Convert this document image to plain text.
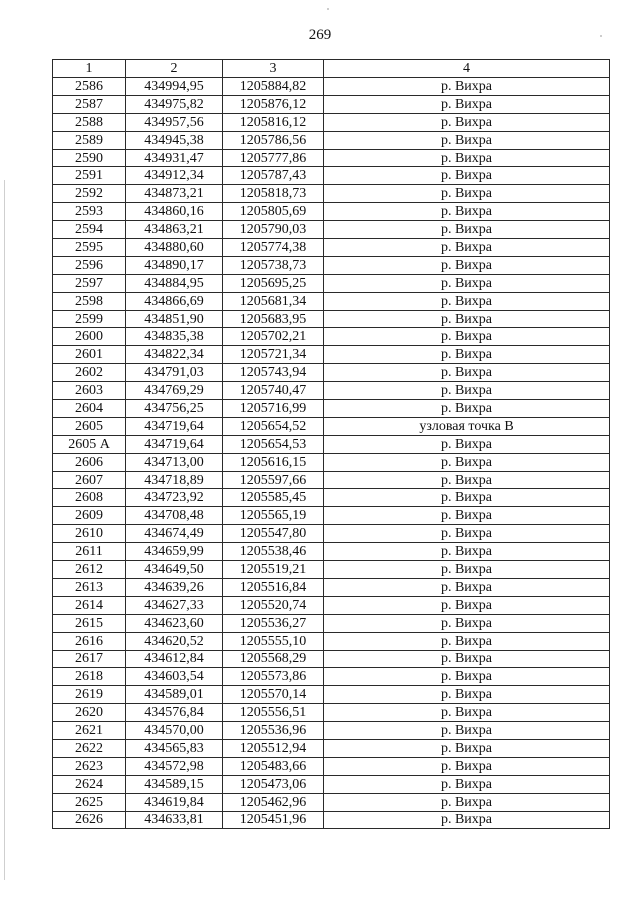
269
1	2	3	4
2586	434994,95	1205884,82	р. Вихра
2587	434975,82	1205876,12	р. Вихра
2588	434957,56	1205816,12	р. Вихра
2589	434945,38	1205786,56	р. Вихра
2590	434931,47	1205777,86	р. Вихра
2591	434912,34	1205787,43	р. Вихра
2592	434873,21	1205818,73	р. Вихра
2593	434860,16	1205805,69	р. Вихра
2594	434863,21	1205790,03	р. Вихра
2595	434880,60	1205774,38	р. Вихра
2596	434890,17	1205738,73	р. Вихра
2597	434884,95	1205695,25	р. Вихра
2598	434866,69	1205681,34	р. Вихра
2599	434851,90	1205683,95	р. Вихра
2600	434835,38	1205702,21	р. Вихра
2601	434822,34	1205721,34	р. Вихра
2602	434791,03	1205743,94	р. Вихра
2603	434769,29	1205740,47	р. Вихра
2604	434756,25	1205716,99	р. Вихра
2605	434719,64	1205654,52	узловая точка В
2605 А	434719,64	1205654,53	р. Вихра
2606	434713,00	1205616,15	р. Вихра
2607	434718,89	1205597,66	р. Вихра
2608	434723,92	1205585,45	р. Вихра
2609	434708,48	1205565,19	р. Вихра
2610	434674,49	1205547,80	р. Вихра
2611	434659,99	1205538,46	р. Вихра
2612	434649,50	1205519,21	р. Вихра
2613	434639,26	1205516,84	р. Вихра
2614	434627,33	1205520,74	р. Вихра
2615	434623,60	1205536,27	р. Вихра
2616	434620,52	1205555,10	р. Вихра
2617	434612,84	1205568,29	р. Вихра
2618	434603,54	1205573,86	р. Вихра
2619	434589,01	1205570,14	р. Вихра
2620	434576,84	1205556,51	р. Вихра
2621	434570,00	1205536,96	р. Вихра
2622	434565,83	1205512,94	р. Вихра
2623	434572,98	1205483,66	р. Вихра
2624	434589,15	1205473,06	р. Вихра
2625	434619,84	1205462,96	р. Вихра
2626	434633,81	1205451,96	р. Вихра
